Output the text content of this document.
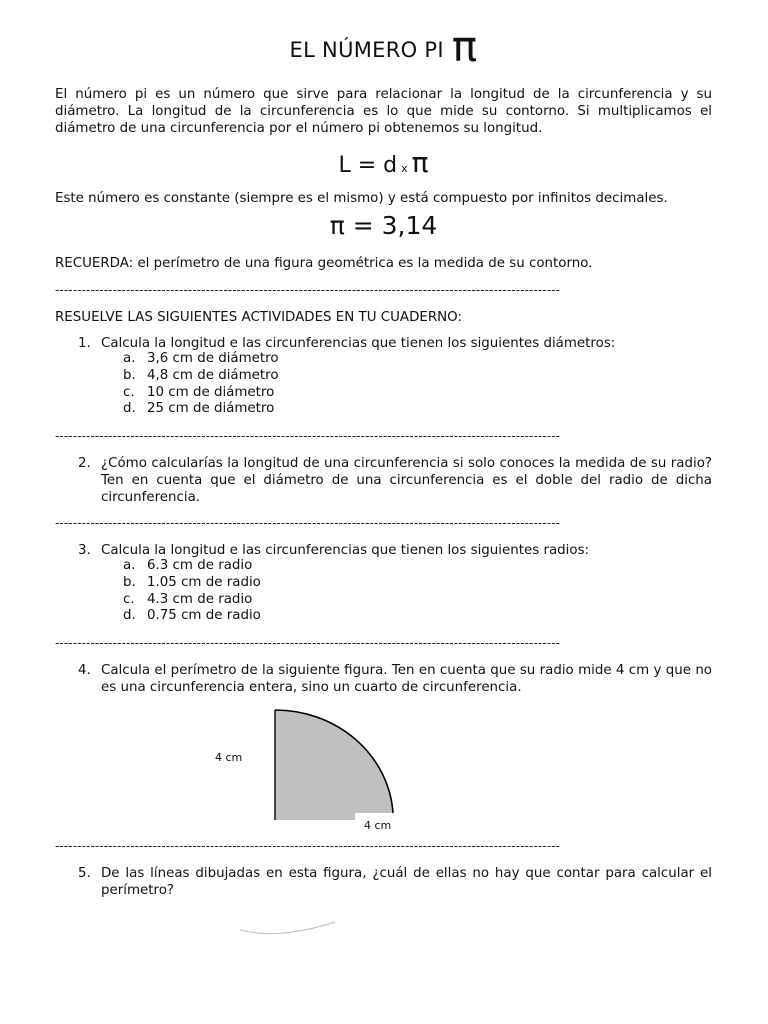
EL NÚMERO PI π
El número pi es un número que sirve para relacionar la longitud de la circunferencia y su diámetro. La longitud de la circunferencia es lo que mide su contorno. Si multiplicamos el diámetro de una circunferencia por el número pi obtenemos su longitud.
L = d x π
Este número es constante (siempre es el mismo) y está compuesto por infinitos decimales.
π = 3,14
RECUERDA: el perímetro de una figura geométrica es la medida de su contorno.
------------------------------------------------------------------------------------------------------------------
RESUELVE LAS SIGUIENTES ACTIVIDADES EN TU CUADERNO:
1. Calcula la longitud e las circunferencias que tienen los siguientes diámetros:
a. 3,6 cm de diámetro
b. 4,8 cm de diámetro
c. 10 cm de diámetro
d. 25 cm de diámetro
------------------------------------------------------------------------------------------------------------------
2. ¿Cómo calcularías la longitud de una circunferencia si solo conoces la medida de su radio? Ten en cuenta que el diámetro de una circunferencia es el doble del radio de dicha circunferencia.
------------------------------------------------------------------------------------------------------------------
3. Calcula la longitud e las circunferencias que tienen los siguientes radios:
a. 6.3 cm de radio
b. 1.05 cm de radio
c. 4.3 cm de radio
d. 0.75 cm de radio
------------------------------------------------------------------------------------------------------------------
4. Calcula el perímetro de la siguiente figura. Ten en cuenta que su radio mide 4 cm y que no es una circunferencia entera, sino un cuarto de circunferencia.
4 cm
4 cm
------------------------------------------------------------------------------------------------------------------
5. De las líneas dibujadas en esta figura, ¿cuál de ellas no hay que contar para calcular el perímetro?
